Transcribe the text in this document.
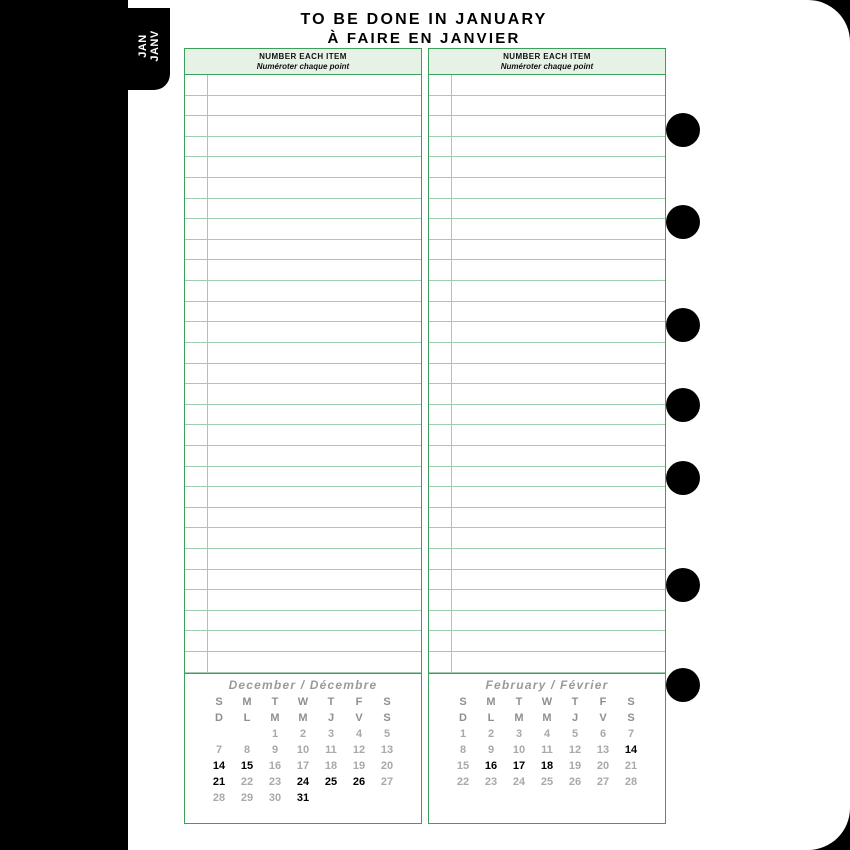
TO BE DONE IN JANUARY
À FAIRE EN JANVIER
NUMBER EACH ITEM
Numéroter chaque point
December / Décembre
S	M	T	W	T	F	S
D	L	M	M	J	V	S
		1	2	3	4	5
7	8	9	10	11	12	13
14	15	16	17	18	19	20
21	22	23	24	25	26	27
28	29	30	31			
NUMBER EACH ITEM
Numéroter chaque point
February / Février
S	M	T	W	T	F	S
D	L	M	M	J	V	S
1	2	3	4	5	6	7
8	9	10	11	12	13	14
15	16	17	18	19	20	21
22	23	24	25	26	27	28
JAN JANV
